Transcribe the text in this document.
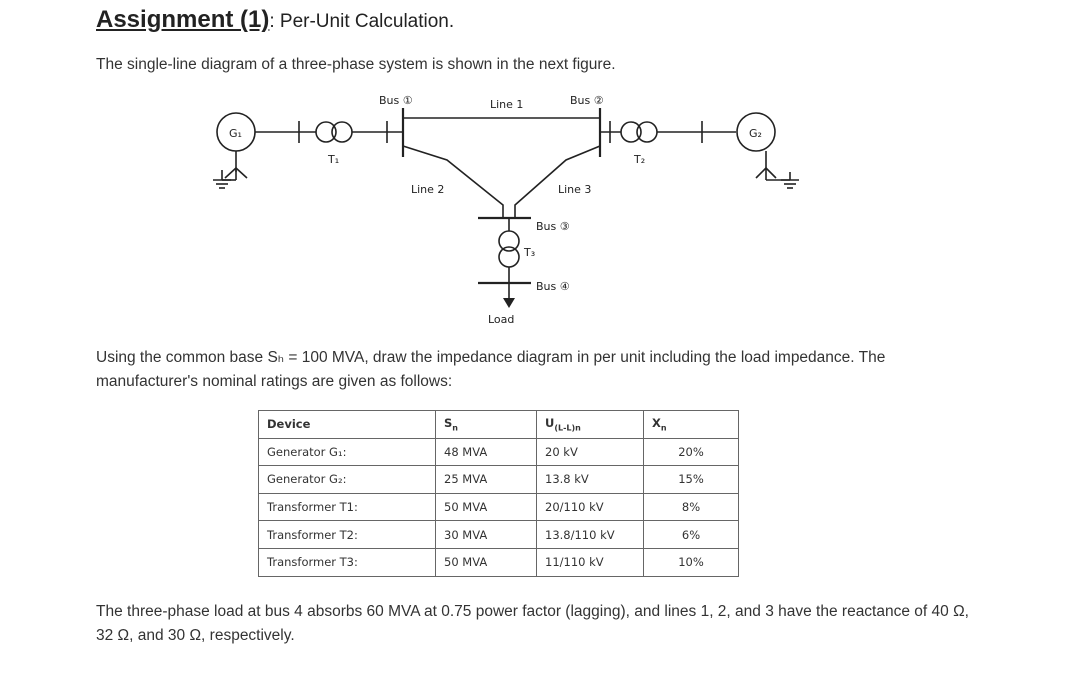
Assignment (1): Per-Unit Calculation.
The single-line diagram of a three-phase system is shown in the next figure.
Bus ①	Bus ②
Line 1
Line 2	Line 3
Bus ③
Bus ④
G₁	G₂
T₁	T₂
T₃
Load
Using the common base Sₕ = 100 MVA, draw the impedance diagram in per unit including the load impedance. The manufacturer's nominal ratings are given as follows:
Device	$S_n$	$U_{(L-L)n}$	$X_n$
Generator G₁:	48 MVA	20 kV	20%
Generator G₂:	25 MVA	13.8 kV	15%
Transformer T1:	50 MVA	20/110 kV	8%
Transformer T2:	30 MVA	13.8/110 kV	6%
Transformer T3:	50 MVA	11/110 kV	10%
The three-phase load at bus 4 absorbs 60 MVA at 0.75 power factor (lagging), and lines 1, 2, and 3 have the reactance of 40 Ω, 32 Ω, and 30 Ω, respectively.
